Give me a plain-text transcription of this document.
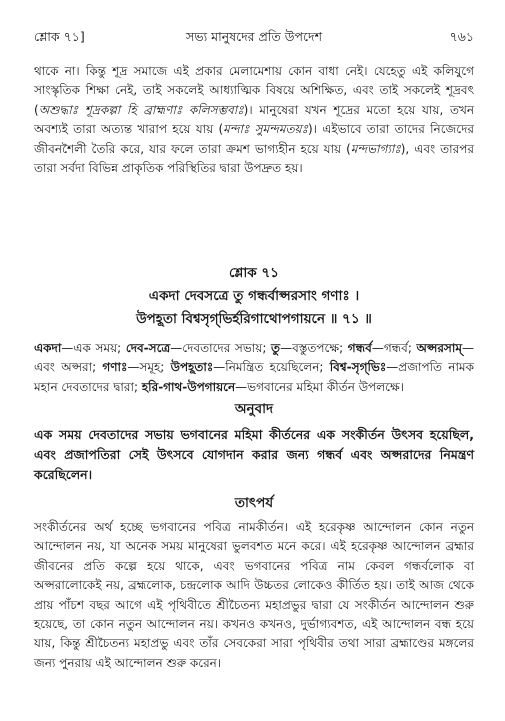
শ্লোক ৭১]	সভ্য মানুষদের প্রতি উপদেশ	৭৬১

থাকে না। কিন্তু শূদ্র সমাজে এই প্রকার মেলামেশায় কোন বাধা নেই। যেহেতু এই কলিযুগে সাংস্কৃতিক শিক্ষা নেই, তাই সকলেই আধ্যাত্মিক বিষয়ে অশিক্ষিত, এবং তাই সকলেই শূদ্রবৎ (অশুদ্ধাঃ শূদ্রকল্পা হি ব্রাহ্মণাঃ কলিসম্ভবাঃ)। মানুষেরা যখন শূদ্রের মতো হয়ে যায়, তখন অবশ্যই তারা অত্যন্ত খারাপ হয়ে যায় (মন্দাঃ সুমন্দমতয়ঃ)। এইভাবে তারা তাদের নিজেদের জীবনশৈলী তৈরি করে, যার ফলে তারা ক্রমশ ভাগ্যহীন হয়ে যায় (মন্দভাগ্যাঃ), এবং তারপর তারা সর্বদা বিভিন্ন প্রাকৃতিক পরিস্থিতির দ্বারা উপদ্রুত হয়।

শ্লোক ৭১
একদা দেবসত্রে তু গন্ধর্বাপ্সরসাং গণাঃ ।
উপহূতা বিশ্বসৃগ্‌ভির্হরিগাথোপগায়নে ॥ ৭১ ॥

একদা—এক সময়; দেব-সত্রে—দেবতাদের সভায়; তু—বস্তুতপক্ষে; গন্ধর্ব—গন্ধর্ব; অপ্সরসাম্—এবং অপ্সরা; গণাঃ—সমূহ; উপহূতাঃ—নিমন্ত্রিত হয়েছিলেন; বিশ্ব-সৃগ্‌ভিঃ—প্রজাপতি নামক মহান দেবতাদের দ্বারা; হরি-গাথ-উপগায়নে—ভগবানের মহিমা কীর্তন উপলক্ষে।

অনুবাদ

এক সময় দেবতাদের সভায় ভগবানের মহিমা কীর্তনের এক সংকীর্তন উৎসব হয়েছিল, এবং প্রজাপতিরা সেই উৎসবে যোগদান করার জন্য গন্ধর্ব এবং অপ্সরাদের নিমন্ত্রণ করেছিলেন।

তাৎপর্য

সংকীর্তনের অর্থ হচ্ছে ভগবানের পবিত্র নামকীর্তন। এই হরেকৃষ্ণ আন্দোলন কোন নতুন আন্দোলন নয়, যা অনেক সময় মানুষেরা ভুলবশত মনে করে। এই হরেকৃষ্ণ আন্দোলন ব্রহ্মার জীবনের প্রতি কল্পে হয়ে থাকে, এবং ভগবানের পবিত্র নাম কেবল গন্ধর্বলোক বা অপ্সরালোকেই নয়, ব্রহ্মলোক, চন্দ্রলোক আদি উচ্চতর লোকেও কীর্তিত হয়। তাই আজ থেকে প্রায় পাঁচশ বছর আগে এই পৃথিবীতে শ্রীচৈতন্য মহাপ্রভুর দ্বারা যে সংকীর্তন আন্দোলন শুরু হয়েছে, তা কোন নতুন আন্দোলন নয়। কখনও কখনও, দুর্ভাগ্যবশত, এই আন্দোলন বন্ধ হয়ে যায়, কিন্তু শ্রীচৈতন্য মহাপ্রভু এবং তাঁর সেবকেরা সারা পৃথিবীর তথা সারা ব্রহ্মাণ্ডের মঙ্গলের জন্য পুনরায় এই আন্দোলন শুরু করেন।
